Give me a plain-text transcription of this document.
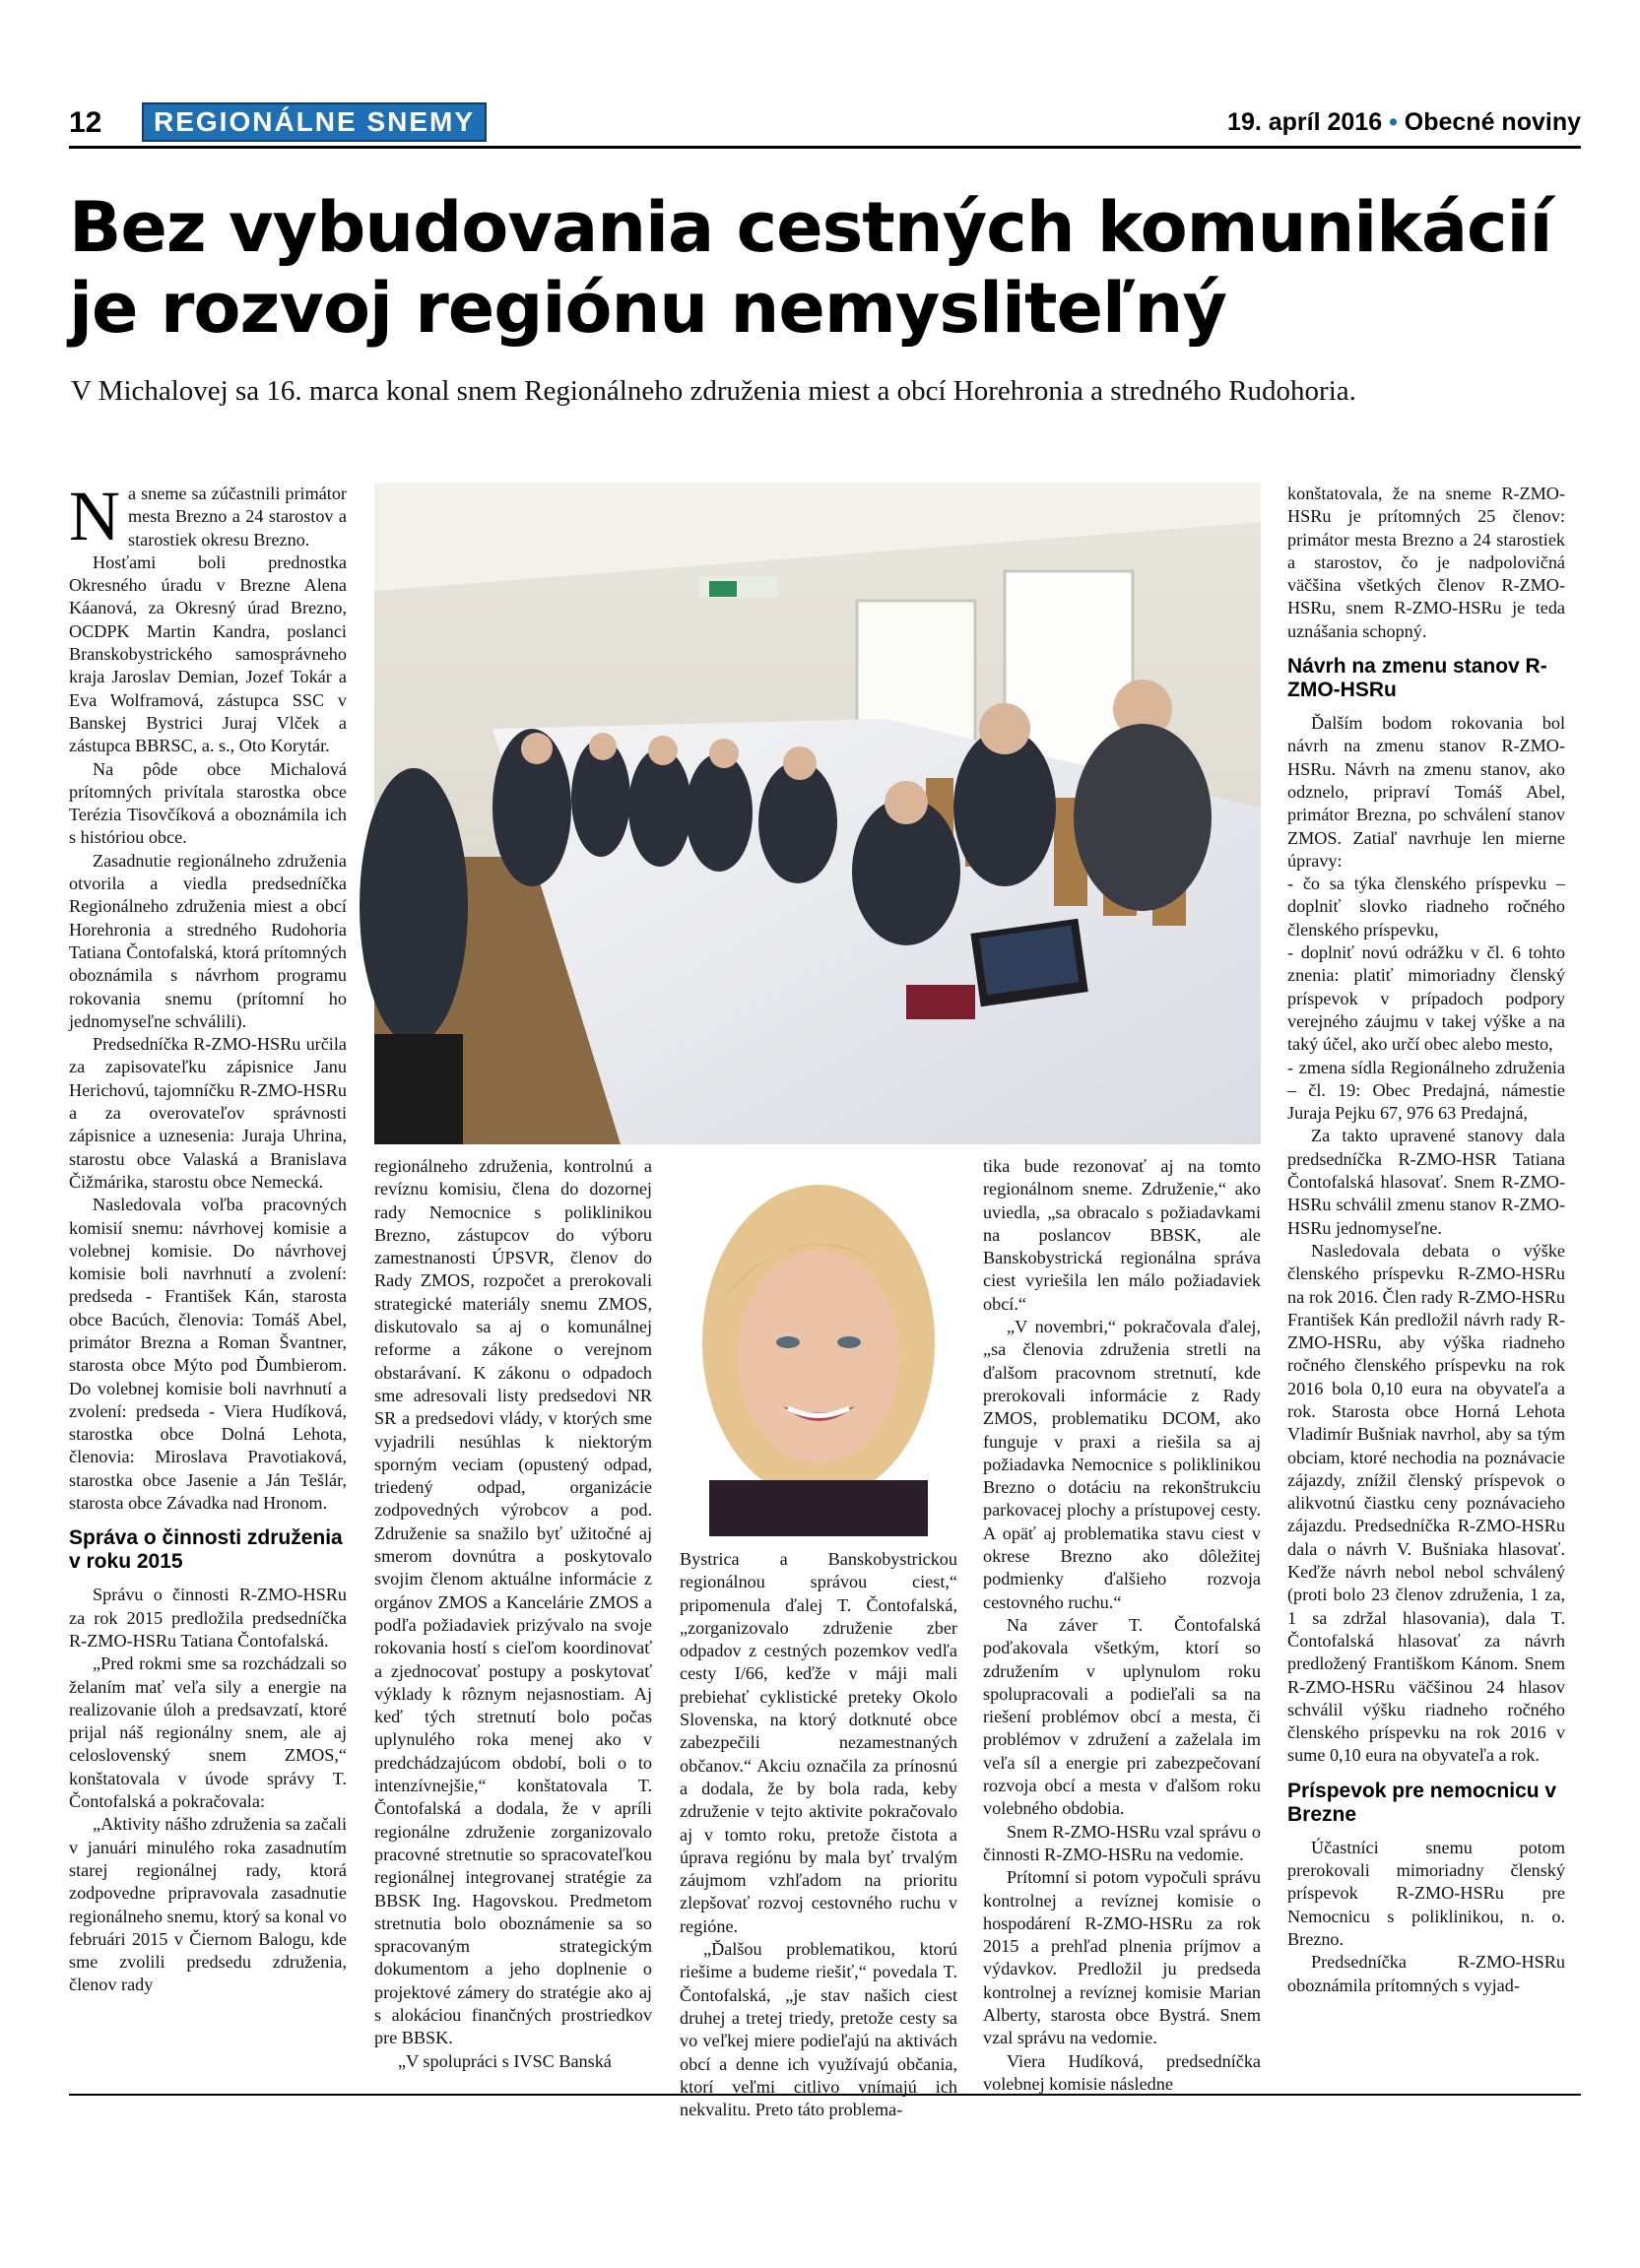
12	REGIONÁLNE SNEMY	19. apríl 2016 • Obecné noviny
Bez vybudovania cestných komunikácií je rozvoj regiónu nemysliteľný

V Michalovej sa 16. marca konal snem Regionálneho združenia miest a obcí Horehronia a stredného Rudohoria.

Na sneme sa zúčastnili primátor mesta Brezno a 24 starostov a starostiek okresu Brezno.

Hosťami boli prednostka Okresného úradu v Brezne Alena Káanová, za Okresný úrad Brezno, OCDPK Martin Kandra, poslanci Branskobystrického samosprávneho kraja Jaroslav Demian, Jozef Tokár a Eva Wolframová, zástupca SSC v Banskej Bystrici Juraj Vlček a zástupca BBRSC, a. s., Oto Korytár.

Na pôde obce Michalová prítomných privítala starostka obce Terézia Tisovčíková a oboznámila ich s históriou obce.

Zasadnutie regionálneho združenia otvorila a viedla predsedníčka Regionálneho združenia miest a obcí Horehronia a stredného Rudohoria Tatiana Čontofalská, ktorá prítomných oboznámila s návrhom programu rokovania snemu (prítomní ho jednomyseľne schválili).

Predsedníčka R-ZMO-HSRu určila za zapisovateľku zápisnice Janu Herichovú, tajomníčku R-ZMO-HSRu a za overovateľov správnosti zápisnice a uznesenia: Juraja Uhrina, starostu obce Valaská a Branislava Čižmárika, starostu obce Nemecká.

Nasledovala voľba pracovných komisií snemu: návrhovej komisie a volebnej komisie. Do návrhovej komisie boli navrhnutí a zvolení: predseda - František Kán, starosta obce Bacúch, členovia: Tomáš Abel, primátor Brezna a Roman Švantner, starosta obce Mýto pod Ďumbierom. Do volebnej komisie boli navrhnutí a zvolení: predseda - Viera Hudíková, starostka obce Dolná Lehota, členovia: Miroslava Pravotiaková, starostka obce Jasenie a Ján Tešlár, starosta obce Závadka nad Hronom.

Správa o činnosti združenia v roku 2015

Správu o činnosti R-ZMO-HSRu za rok 2015 predložila predsedníčka R-ZMO-HSRu Tatiana Čontofalská.

„Pred rokmi sme sa rozchádzali so želaním mať veľa sily a energie na realizovanie úloh a predsavzatí, ktoré prijal náš regionálny snem, ale aj celoslovenský snem ZMOS,“ konštatovala v úvode správy T. Čontofalská a pokračovala:

„Aktivity nášho združenia sa začali v januári minulého roka zasadnutím starej regionálnej rady, ktorá zodpovedne pripravovala zasadnutie regionálneho snemu, ktorý sa konal vo februári 2015 v Čiernom Balogu, kde sme zvolili predsedu združenia, členov rady

regionálneho združenia, kontrolnú a revíznu komisiu, člena do dozornej rady Nemocnice s poliklinikou Brezno, zástupcov do výboru zamestnanosti ÚPSVR, členov do Rady ZMOS, rozpočet a prerokovali strategické materiály snemu ZMOS, diskutovalo sa aj o komunálnej reforme a zákone o verejnom obstarávaní. K zákonu o odpadoch sme adresovali listy predsedovi NR SR a predsedovi vlády, v ktorých sme vyjadrili nesúhlas k niektorým sporným veciam (opustený odpad, triedený odpad, organizácie zodpovedných výrobcov a pod. Združenie sa snažilo byť užitočné aj smerom dovnútra a poskytovalo svojim členom aktuálne informácie z orgánov ZMOS a Kancelárie ZMOS a podľa požiadaviek prizývalo na svoje rokovania hostí s cieľom koordinovať a zjednocovať postupy a poskytovať výklady k rôznym nejasnostiam. Aj keď tých stretnutí bolo počas uplynulého roka menej ako v predchádzajúcom období, boli o to intenzívnejšie,“ konštatovala T. Čontofalská a dodala, že v apríli regionálne združenie zorganizovalo pracovné stretnutie so spracovateľkou regionálnej integrovanej stratégie za BBSK Ing. Hagovskou. Predmetom stretnutia bolo oboznámenie sa so spracovaným strategickým dokumentom a jeho doplnenie o projektové zámery do stratégie ako aj s alokáciou finančných prostriedkov pre BBSK.

„V spolupráci s IVSC Banská

Bystrica a Banskobystrickou regionálnou správou ciest,“ pripomenula ďalej T. Čontofalská, „zorganizovalo združenie zber odpadov z cestných pozemkov vedľa cesty I/66, keďže v máji mali prebiehať cyklistické preteky Okolo Slovenska, na ktorý dotknuté obce zabezpečili nezamestnaných občanov.“ Akciu označila za prínosnú a dodala, že by bola rada, keby združenie v tejto aktivite pokračovalo aj v tomto roku, pretože čistota a úprava regiónu by mala byť trvalým záujmom vzhľadom na prioritu zlepšovať rozvoj cestovného ruchu v regióne.

„Ďalšou problematikou, ktorú riešime a budeme riešiť,“ povedala T. Čontofalská, „je stav našich ciest druhej a tretej triedy, pretože cesty sa vo veľkej miere podieľajú na aktivách obcí a denne ich využívajú občania, ktorí veľmi citlivo vnímajú ich nekvalitu. Preto táto problema-

tika bude rezonovať aj na tomto regionálnom sneme. Združenie,“ ako uviedla, „sa obracalo s požiadavkami na poslancov BBSK, ale Banskobystrická regionálna správa ciest vyriešila len málo požiadaviek obcí.“

„V novembri,“ pokračovala ďalej, „sa členovia združenia stretli na ďalšom pracovnom stretnutí, kde prerokovali informácie z Rady ZMOS, problematiku DCOM, ako funguje v praxi a riešila sa aj požiadavka Nemocnice s poliklinikou Brezno o dotáciu na rekonštrukciu parkovacej plochy a prístupovej cesty. A opäť aj problematika stavu ciest v okrese Brezno ako dôležitej podmienky ďalšieho rozvoja cestovného ruchu.“

Na záver T. Čontofalská poďakovala všetkým, ktorí so združením v uplynulom roku spolupracovali a podieľali sa na riešení problémov obcí a mesta, či problémov v združení a zaželala im veľa síl a energie pri zabezpečovaní rozvoja obcí a mesta v ďalšom roku volebného obdobia.

Snem R-ZMO-HSRu vzal správu o činnosti R-ZMO-HSRu na vedomie.

Prítomní si potom vypočuli správu kontrolnej a revíznej komisie o hospodárení R-ZMO-HSRu za rok 2015 a prehľad plnenia príjmov a výdavkov. Predložil ju predseda kontrolnej a revíznej komisie Marian Alberty, starosta obce Bystrá. Snem vzal správu na vedomie.

Viera Hudíková, predsedníčka volebnej komisie následne

konštatovala, že na sneme R-ZMO-HSRu je prítomných 25 členov: primátor mesta Brezno a 24 starostiek a starostov, čo je nadpolovičná väčšina všetkých členov R-ZMO-HSRu, snem R-ZMO-HSRu je teda uznášania schopný.

Návrh na zmenu stanov R-ZMO-HSRu

Ďalším bodom rokovania bol návrh na zmenu stanov R-ZMO-HSRu. Návrh na zmenu stanov, ako odznelo, pripraví Tomáš Abel, primátor Brezna, po schválení stanov ZMOS. Zatiaľ navrhuje len mierne úpravy:

- čo sa týka členského príspevku – doplniť slovko riadneho ročného členského príspevku,

- doplniť novú odrážku v čl. 6 tohto znenia: platiť mimoriadny členský príspevok v prípadoch podpory verejného záujmu v takej výške a na taký účel, ako určí obec alebo mesto,

- zmena sídla Regionálneho združenia – čl. 19: Obec Predajná, námestie Juraja Pejku 67, 976 63 Predajná,

Za takto upravené stanovy dala predsedníčka R-ZMO-HSR Tatiana Čontofalská hlasovať. Snem R-ZMO-HSRu schválil zmenu stanov R-ZMO-HSRu jednomyseľne.

Nasledovala debata o výške členského príspevku R-ZMO-HSRu na rok 2016. Člen rady R-ZMO-HSRu František Kán predložil návrh rady R-ZMO-HSRu, aby výška riadneho ročného členského príspevku na rok 2016 bola 0,10 eura na obyvateľa a rok. Starosta obce Horná Lehota Vladimír Bušniak navrhol, aby sa tým obciam, ktoré nechodia na poznávacie zájazdy, znížil členský príspevok o alikvotnú čiastku ceny poznávacieho zájazdu. Predsedníčka R-ZMO-HSRu dala o návrh V. Bušniaka hlasovať. Keďže návrh nebol nebol schválený (proti bolo 23 členov združenia, 1 za, 1 sa zdržal hlasovania), dala T. Čontofalská hlasovať za návrh predložený Františkom Kánom. Snem R-ZMO-HSRu väčšinou 24 hlasov schválil výšku riadneho ročného členského príspevku na rok 2016 v sume 0,10 eura na obyvateľa a rok.

Príspevok pre nemocnicu v Brezne

Účastníci snemu potom prerokovali mimoriadny členský príspevok R-ZMO-HSRu pre Nemocnicu s poliklinikou, n. o. Brezno.

Predsedníčka R-ZMO-HSRu oboznámila prítomných s vyjad-
